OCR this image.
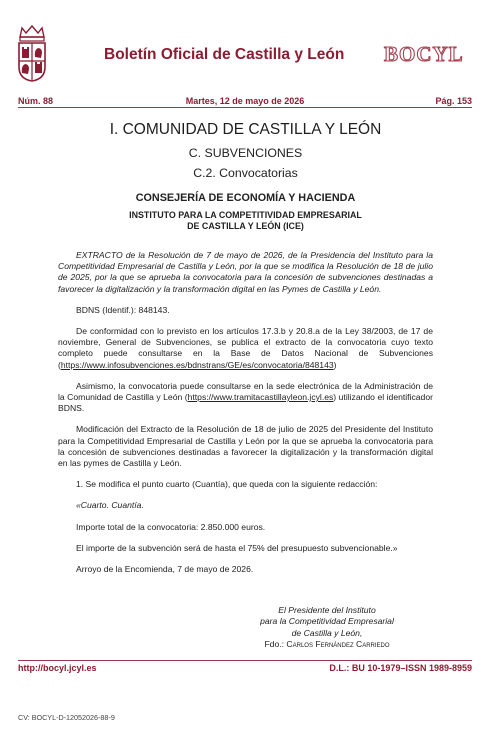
Boletín Oficial de Castilla y León BOCYL
Núm. 88	Martes, 12 de mayo de 2026	Pág. 153
I. COMUNIDAD DE CASTILLA Y LEÓN
C. SUBVENCIONES
C.2. Convocatorias
CONSEJERÍA DE ECONOMÍA Y HACIENDA
INSTITUTO PARA LA COMPETITIVIDAD EMPRESARIAL
DE CASTILLA Y LEÓN (ICE)

EXTRACTO de la Resolución de 7 de mayo de 2026, de la Presidencia del Instituto para la Competitividad Empresarial de Castilla y León, por la que se modifica la Resolución de 18 de julio de 2025, por la que se aprueba la convocatoria para la concesión de subvenciones destinadas a favorecer la digitalización y la transformación digital en las Pymes de Castilla y León.

BDNS (Identif.): 848143.

De conformidad con lo previsto en los artículos 17.3.b y 20.8.a de la Ley 38/2003, de 17 de noviembre, General de Subvenciones, se publica el extracto de la convocatoria cuyo texto completo puede consultarse en la Base de Datos Nacional de Subvenciones (https://www.infosubvenciones.es/bdnstrans/GE/es/convocatoria/848143)

Asimismo, la convocatoria puede consultarse en la sede electrónica de la Administración de la Comunidad de Castilla y León (https://www.tramitacastillayleon.jcyl.es) utilizando el identificador BDNS.

Modificación del Extracto de la Resolución de 18 de julio de 2025 del Presidente del Instituto para la Competitividad Empresarial de Castilla y León por la que se aprueba la convocatoria para la concesión de subvenciones destinadas a favorecer la digitalización y la transformación digital en las pymes de Castilla y León.

1. Se modifica el punto cuarto (Cuantía), que queda con la siguiente redacción:

«Cuarto. Cuantía.

Importe total de la convocatoria: 2.850.000 euros.

El importe de la subvención será de hasta el 75% del presupuesto subvencionable.»

Arroyo de la Encomienda, 7 de mayo de 2026.

El Presidente del Instituto
para la Competitividad Empresarial
de Castilla y León,
Fdo.: Carlos Fernández Carriedo
http://bocyl.jcyl.es	D.L.: BU 10-1979–ISSN 1989-8959
CV: BOCYL-D-12052026-88-9
